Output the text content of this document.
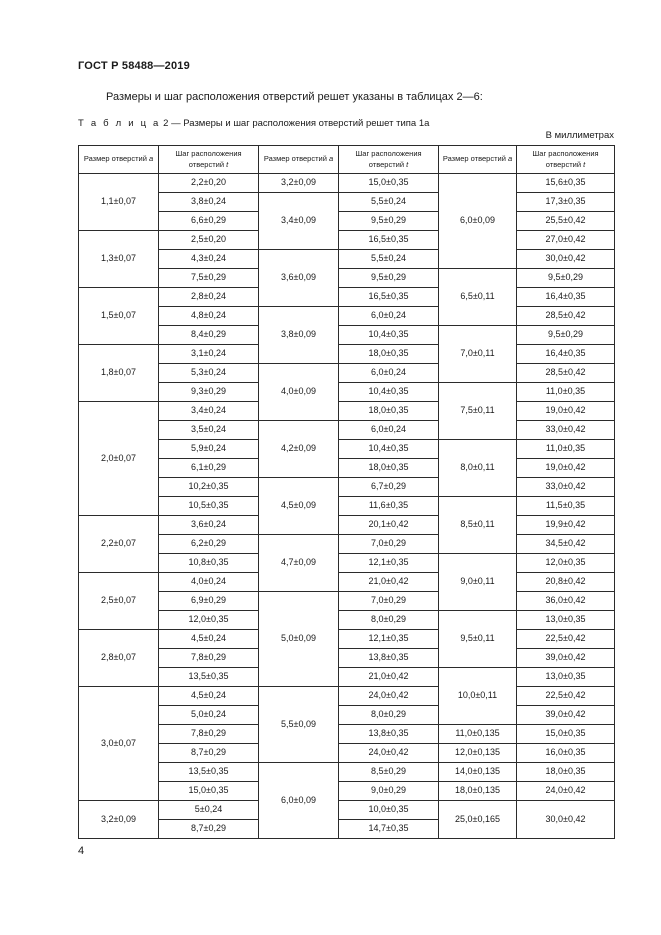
ГОСТ Р 58488—2019
Размеры и шаг расположения отверстий решет указаны в таблицах 2—6:
Т а б л и ц а 2 — Размеры и шаг расположения отверстий решет типа 1а
В миллиметрах
Размер отверстий a	Шаг расположения отверстий t	Размер отверстий a	Шаг расположения отверстий t	Размер отверстий a	Шаг расположения отверстий t
1,1±0,07	2,2±0,20	3,2±0,09	15,0±0,35	6,0±0,09	15,6±0,35
	3,8±0,24	3,4±0,09	5,5±0,24		17,3±0,35
	6,6±0,29		9,5±0,29		25,5±0,42
1,3±0,07	2,5±0,20		16,5±0,35		27,0±0,42
	4,3±0,24	3,6±0,09	5,5±0,24		30,0±0,42
	7,5±0,29		9,5±0,29	6,5±0,11	9,5±0,29
1,5±0,07	2,8±0,24		16,5±0,35		16,4±0,35
	4,8±0,24	3,8±0,09	6,0±0,24		28,5±0,42
	8,4±0,29		10,4±0,35	7,0±0,11	9,5±0,29
1,8±0,07	3,1±0,24		18,0±0,35		16,4±0,35
	5,3±0,24	4,0±0,09	6,0±0,24		28,5±0,42
	9,3±0,29		10,4±0,35	7,5±0,11	11,0±0,35
2,0±0,07	3,4±0,24		18,0±0,35		19,0±0,42
	3,5±0,24	4,2±0,09	6,0±0,24		33,0±0,42
	5,9±0,24		10,4±0,35	8,0±0,11	11,0±0,35
	6,1±0,29		18,0±0,35		19,0±0,42
	10,2±0,35	4,5±0,09	6,7±0,29		33,0±0,42
	10,5±0,35		11,6±0,35	8,5±0,11	11,5±0,35
2,2±0,07	3,6±0,24		20,1±0,42		19,9±0,42
	6,2±0,29	4,7±0,09	7,0±0,29		34,5±0,42
	10,8±0,35		12,1±0,35	9,0±0,11	12,0±0,35
2,5±0,07	4,0±0,24		21,0±0,42		20,8±0,42
	6,9±0,29	5,0±0,09	7,0±0,29		36,0±0,42
	12,0±0,35		8,0±0,29	9,5±0,11	13,0±0,35
2,8±0,07	4,5±0,24		12,1±0,35		22,5±0,42
	7,8±0,29		13,8±0,35		39,0±0,42
	13,5±0,35		21,0±0,42	10,0±0,11	13,0±0,35
3,0±0,07	4,5±0,24	5,5±0,09	24,0±0,42		22,5±0,42
	5,0±0,24		8,0±0,29		39,0±0,42
	7,8±0,29		13,8±0,35	11,0±0,135	15,0±0,35
	8,7±0,29		24,0±0,42	12,0±0,135	16,0±0,35
	13,5±0,35	6,0±0,09	8,5±0,29	14,0±0,135	18,0±0,35
	15,0±0,35		9,0±0,29	18,0±0,135	24,0±0,42
3,2±0,09	5±0,24		10,0±0,35	25,0±0,165	30,0±0,42
	8,7±0,29		14,7±0,35		
4
